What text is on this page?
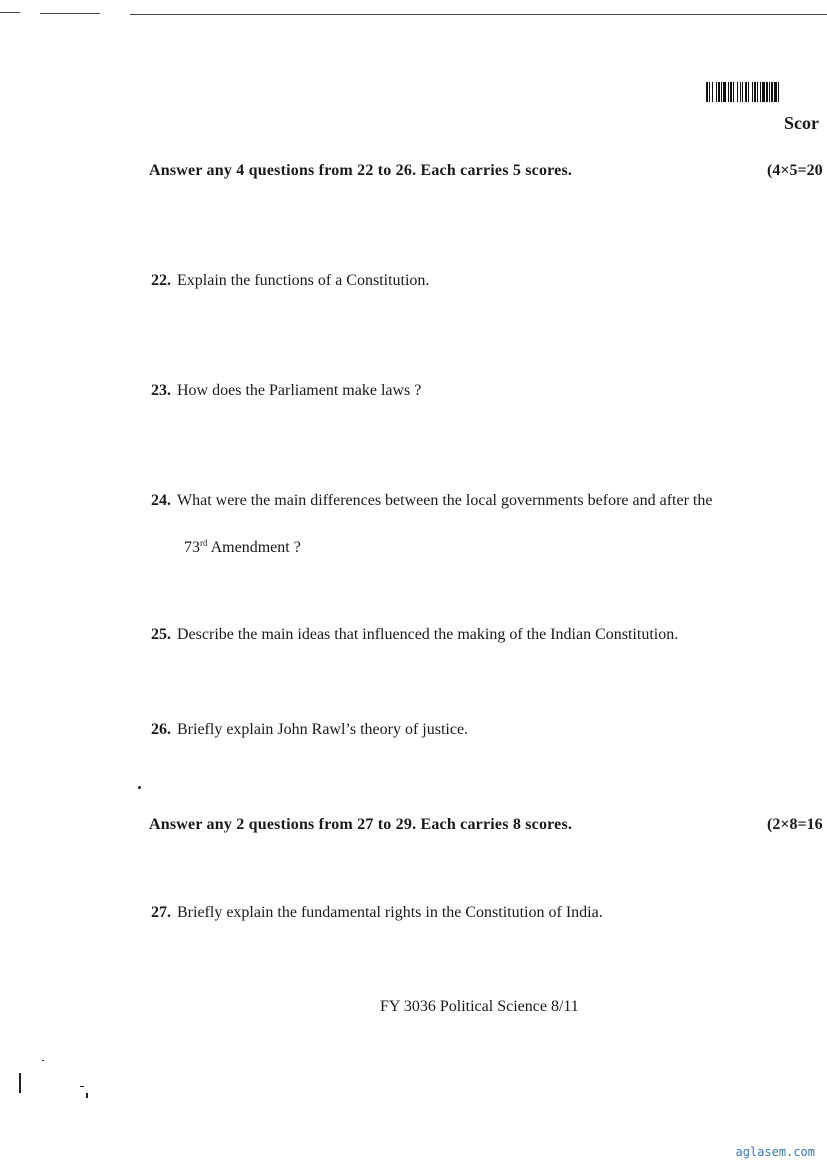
Scor
Answer any 4 questions from 22 to 26. Each carries 5 scores.	(4×5=20
22. Explain the functions of a Constitution.
23. How does the Parliament make laws ?
24. What were the main differences between the local governments before and after the
73rd Amendment ?
25. Describe the main ideas that influenced the making of the Indian Constitution.
26. Briefly explain John Rawl’s theory of justice.
Answer any 2 questions from 27 to 29. Each carries 8 scores.	(2×8=16
27. Briefly explain the fundamental rights in the Constitution of India.
FY 3036 Political Science 8/11
aglasem.com
